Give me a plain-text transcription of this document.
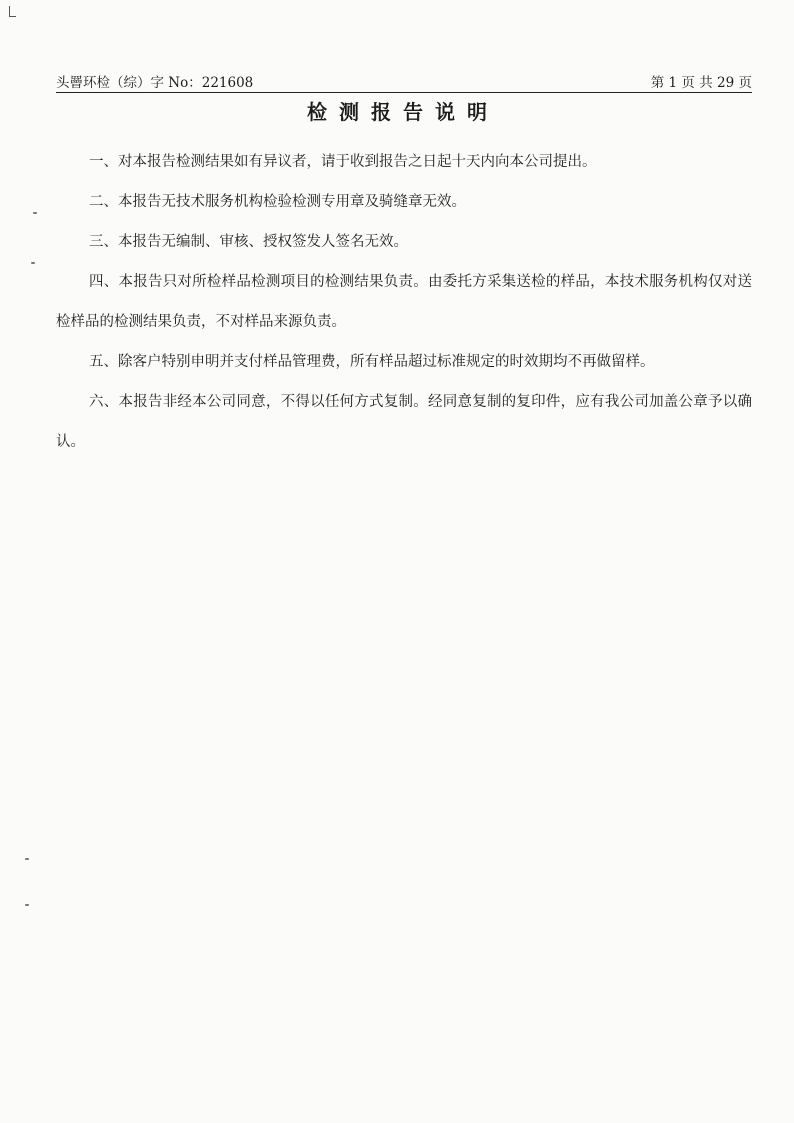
头罾环检（综）字 No：221608	第 1 页 共 29 页
检测报告说明

一、对本报告检测结果如有异议者，请于收到报告之日起十天内向本公司提出。

二、本报告无技术服务机构检验检测专用章及骑缝章无效。

三、本报告无编制、审核、授权签发人签名无效。

四、本报告只对所检样品检测项目的检测结果负责。由委托方采集送检的样品，本技术服务机构仅对送检样品的检测结果负责，不对样品来源负责。

五、除客户特别申明并支付样品管理费，所有样品超过标准规定的时效期均不再做留样。

六、本报告非经本公司同意，不得以任何方式复制。经同意复制的复印件，应有我公司加盖公章予以确认。
